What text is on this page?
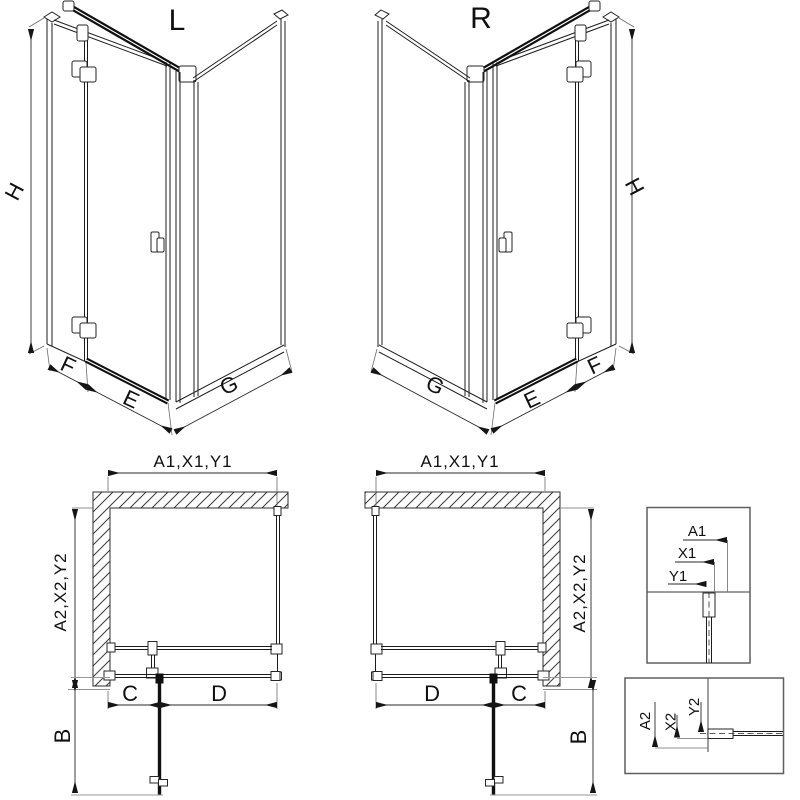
L
H
F
E	G
R
H
F
E
G
A1,X1,Y1
A2,X2,Y2
B
C	D
A1,X1,Y1
A2,X2,Y2
B
D	C
A1
X1
Y1
A2 X2
Y2
